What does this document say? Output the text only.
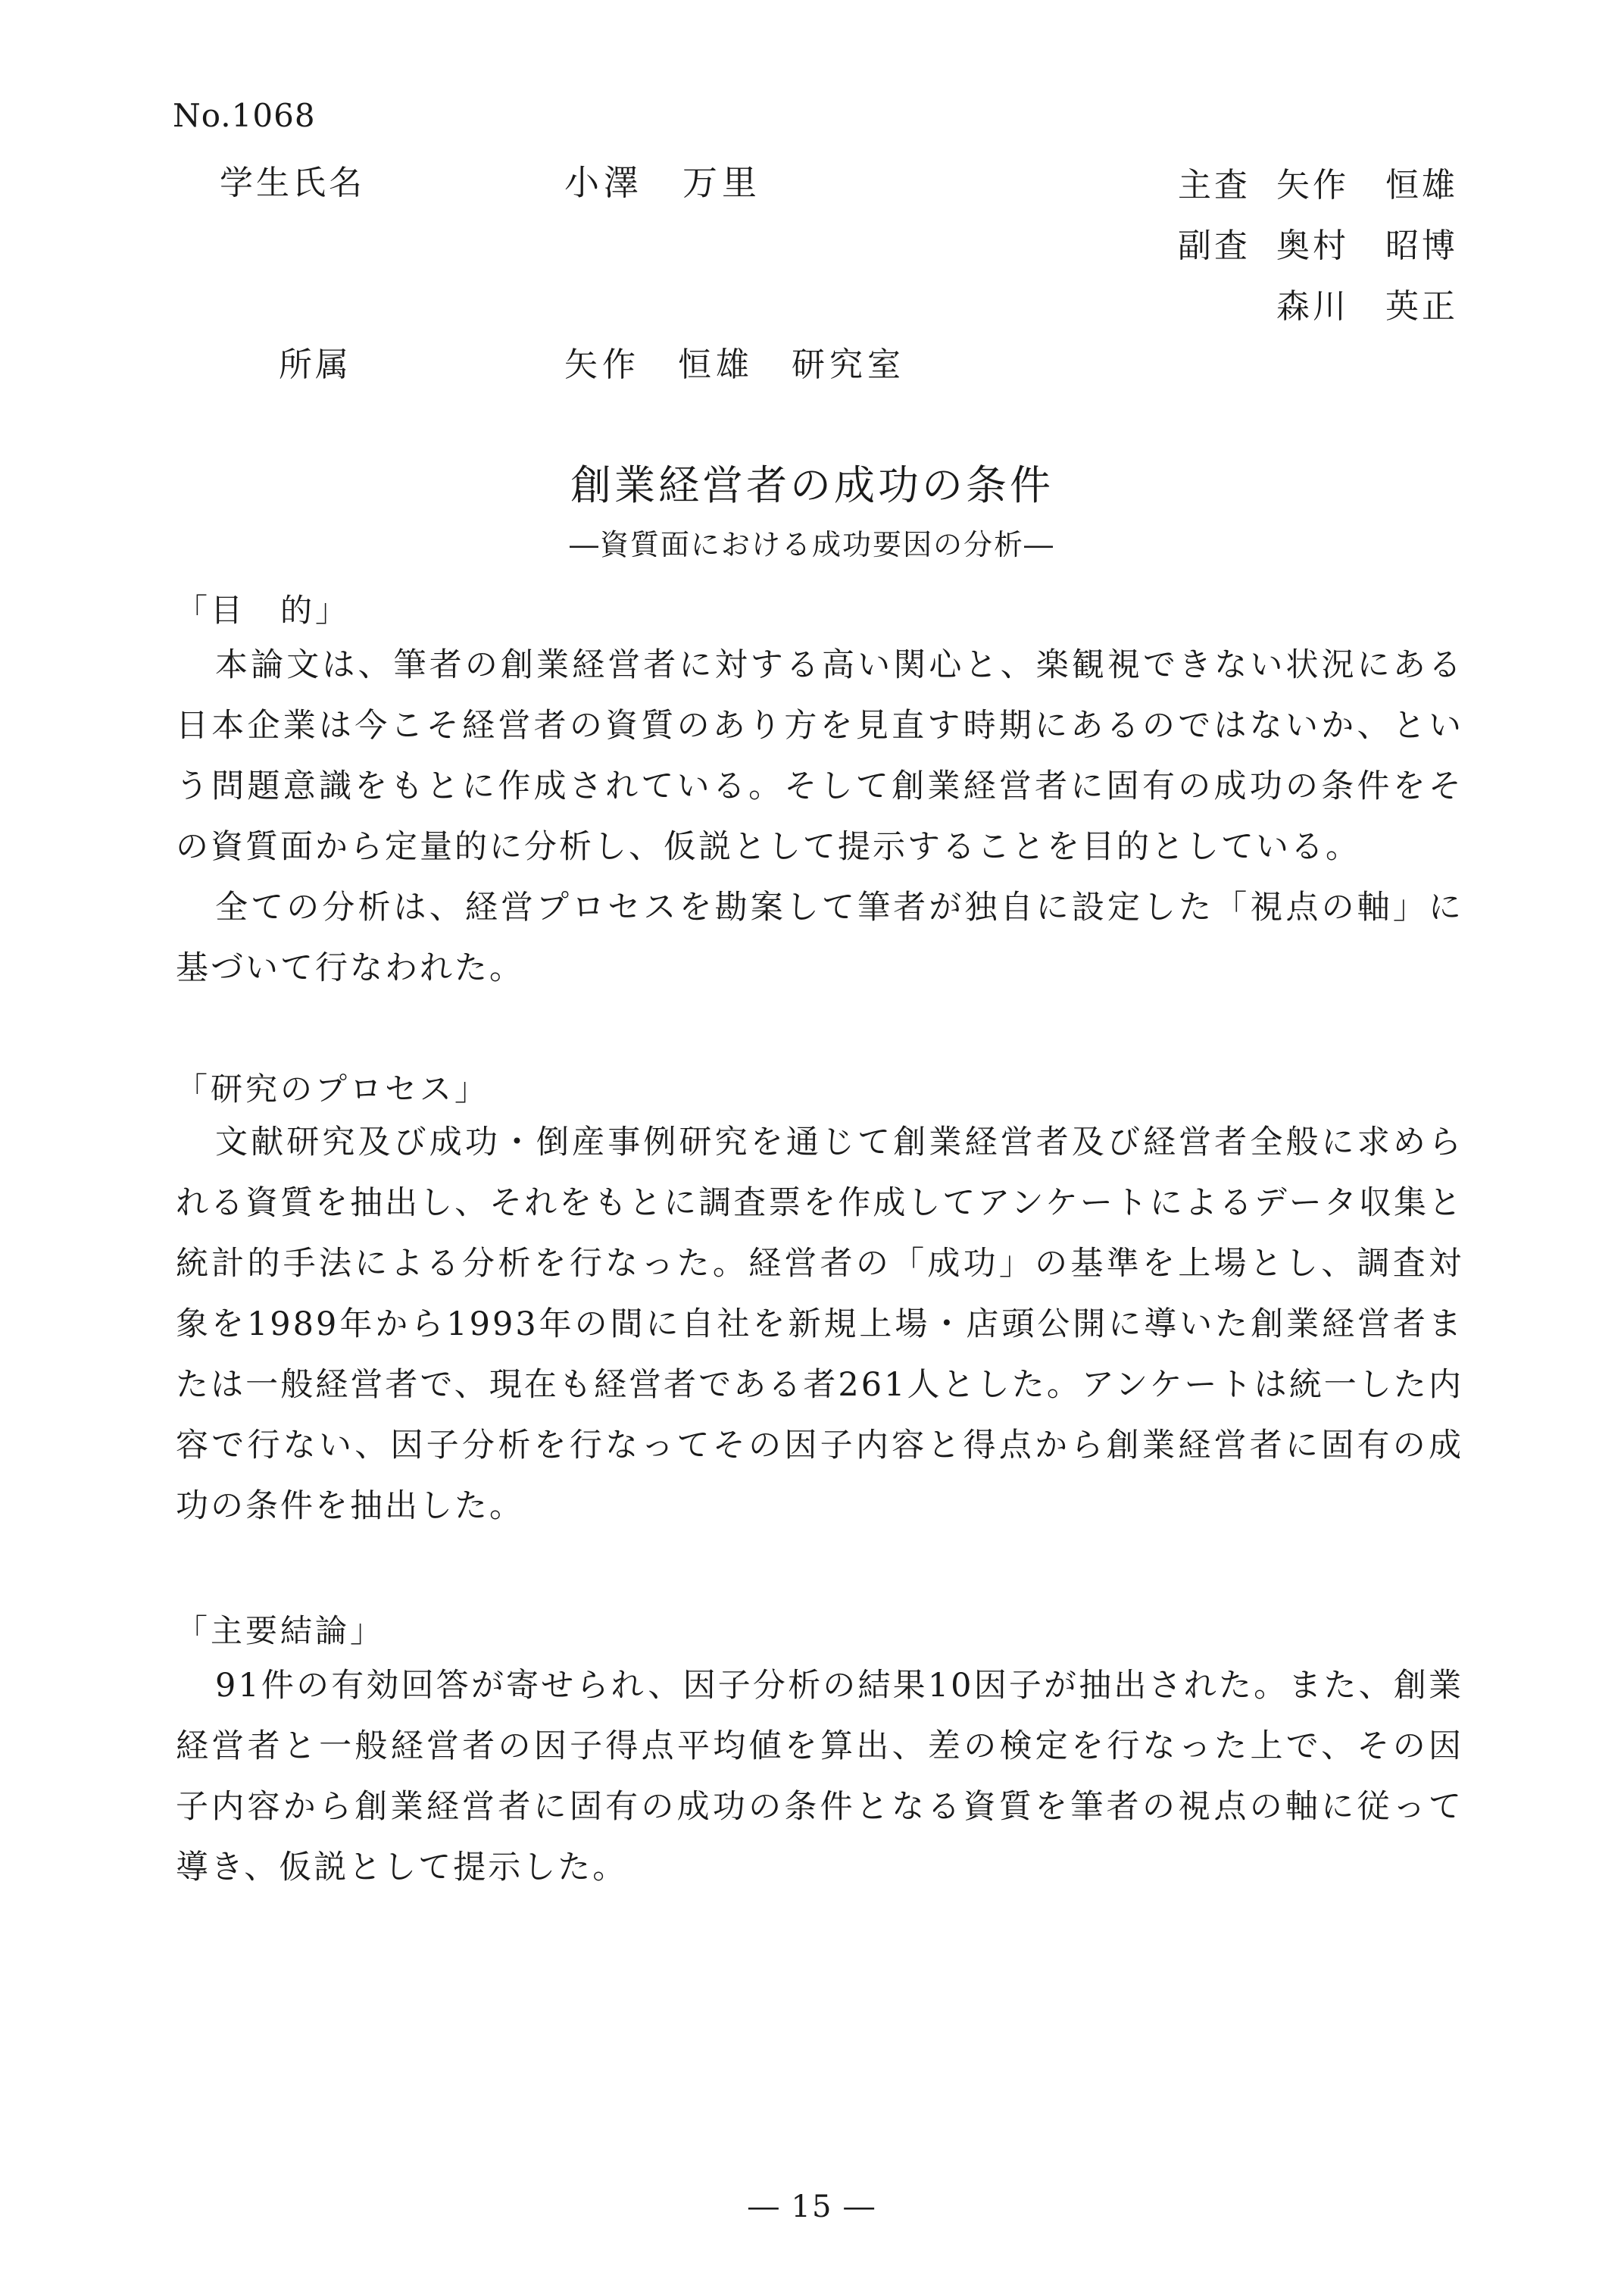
No.1068
学生氏名	小澤　万里	主査 矢作　恒雄
副査 奥村　昭博
森川　英正
所属	矢作　恒雄　研究室
創業経営者の成功の条件
―資質面における成功要因の分析―
「目　的」
本論文は、筆者の創業経営者に対する高い関心と、楽観視できない状況にある日本企業は今こそ経営者の資質のあり方を見直す時期にあるのではないか、という問題意識をもとに作成されている。そして創業経営者に固有の成功の条件をその資質面から定量的に分析し、仮説として提示することを目的としている。
全ての分析は、経営プロセスを勘案して筆者が独自に設定した「視点の軸」に基づいて行なわれた。
「研究のプロセス」
文献研究及び成功・倒産事例研究を通じて創業経営者及び経営者全般に求められる資質を抽出し、それをもとに調査票を作成してアンケートによるデータ収集と統計的手法による分析を行なった。経営者の「成功」の基準を上場とし、調査対象を1989年から1993年の間に自社を新規上場・店頭公開に導いた創業経営者または一般経営者で、現在も経営者である者261人とした。アンケートは統一した内容で行ない、因子分析を行なってその因子内容と得点から創業経営者に固有の成功の条件を抽出した。
「主要結論」
91件の有効回答が寄せられ、因子分析の結果10因子が抽出された。また、創業経営者と一般経営者の因子得点平均値を算出、差の検定を行なった上で、その因子内容から創業経営者に固有の成功の条件となる資質を筆者の視点の軸に従って導き、仮説として提示した。
― 15 ―
